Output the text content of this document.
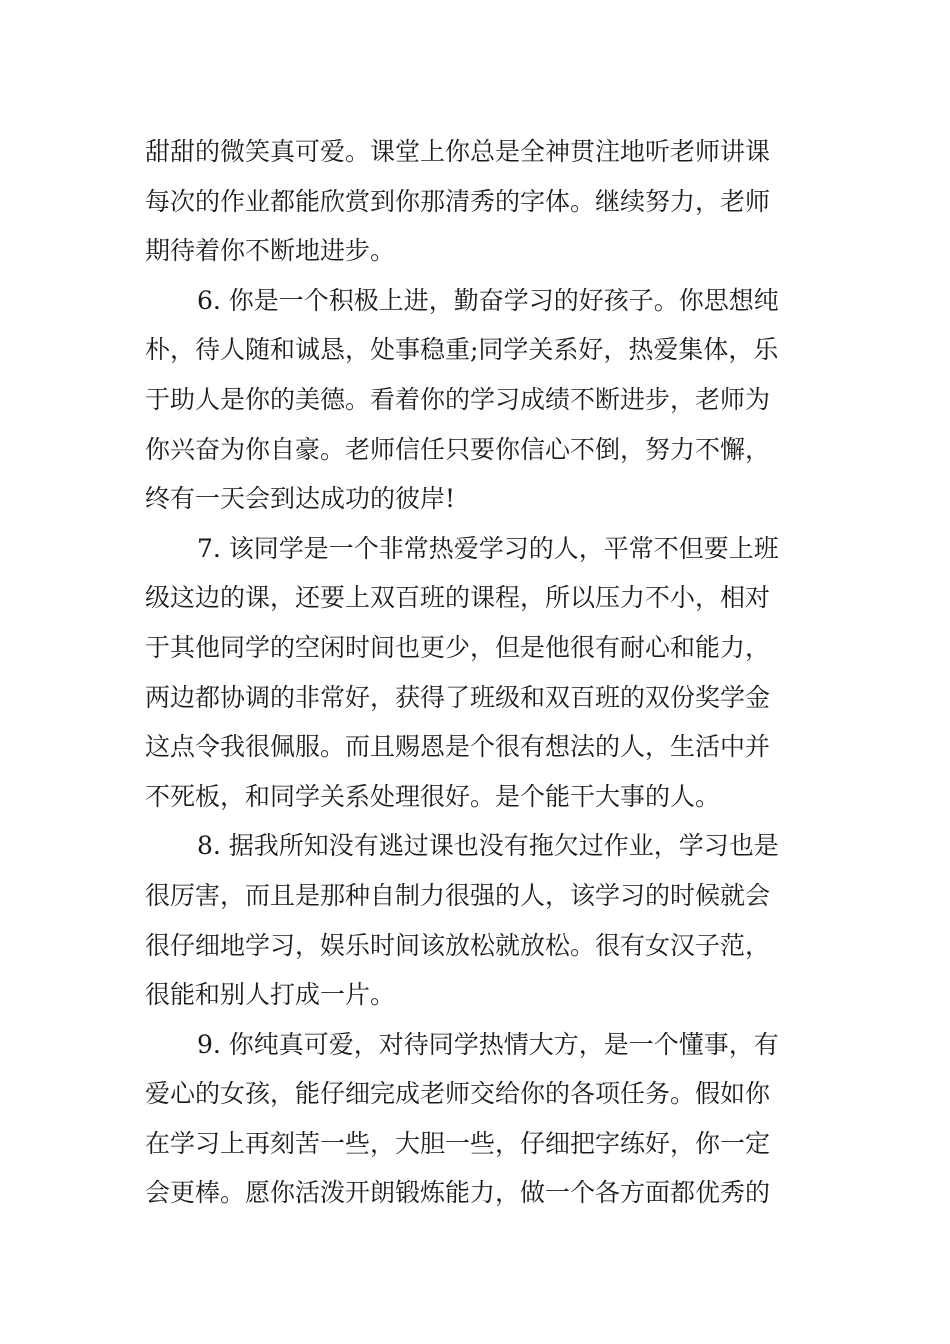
甜甜的微笑真可爱。课堂上你总是全神贯注地听老师讲课
每次的作业都能欣赏到你那清秀的字体。继续努力，老师
期待着你不断地进步。
6. 你是一个积极上进，勤奋学习的好孩子。你思想纯
朴，待人随和诚恳，处事稳重;同学关系好，热爱集体，乐
于助人是你的美德。看着你的学习成绩不断进步，老师为
你兴奋为你自豪。老师信任只要你信心不倒，努力不懈，
终有一天会到达成功的彼岸!
7. 该同学是一个非常热爱学习的人，平常不但要上班
级这边的课，还要上双百班的课程，所以压力不小，相对
于其他同学的空闲时间也更少，但是他很有耐心和能力，
两边都协调的非常好，获得了班级和双百班的双份奖学金
这点令我很佩服。而且赐恩是个很有想法的人，生活中并
不死板，和同学关系处理很好。是个能干大事的人。
8. 据我所知没有逃过课也没有拖欠过作业，学习也是
很厉害，而且是那种自制力很强的人，该学习的时候就会
很仔细地学习，娱乐时间该放松就放松。很有女汉子范，
很能和别人打成一片。
9. 你纯真可爱，对待同学热情大方，是一个懂事，有
爱心的女孩，能仔细完成老师交给你的各项任务。假如你
在学习上再刻苦一些，大胆一些，仔细把字练好，你一定
会更棒。愿你活泼开朗锻炼能力，做一个各方面都优秀的
